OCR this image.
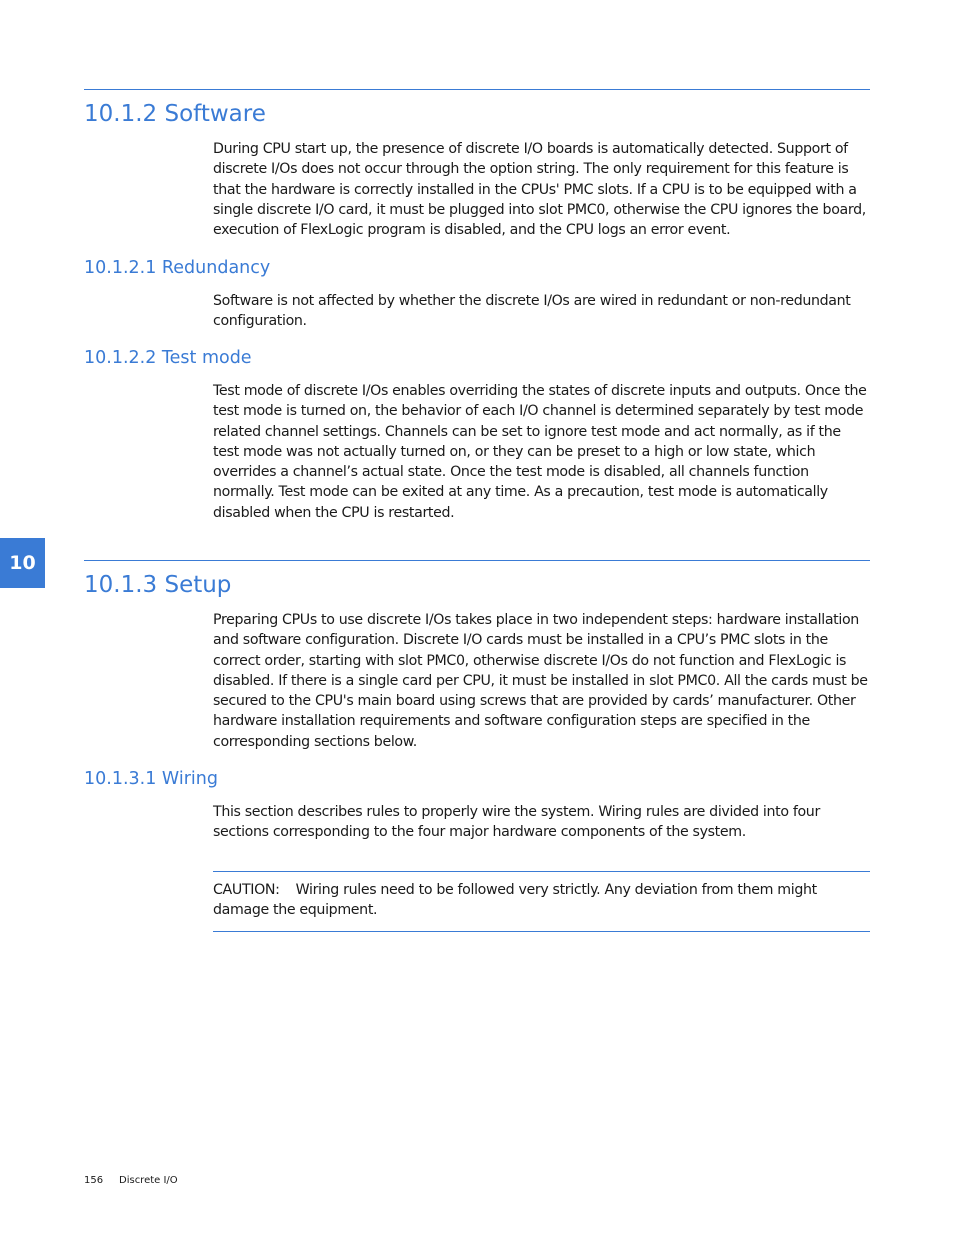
10.1.2 Software

During CPU start up, the presence of discrete I/O boards is automatically detected. Support of discrete I/Os does not occur through the option string. The only requirement for this feature is that the hardware is correctly installed in the CPUs' PMC slots. If a CPU is to be equipped with a single discrete I/O card, it must be plugged into slot PMC0, otherwise the CPU ignores the board, execution of FlexLogic program is disabled, and the CPU logs an error event.

10.1.2.1 Redundancy

Software is not affected by whether the discrete I/Os are wired in redundant or non-redundant configuration.

10.1.2.2 Test mode

Test mode of discrete I/Os enables overriding the states of discrete inputs and outputs. Once the test mode is turned on, the behavior of each I/O channel is determined separately by test mode related channel settings. Channels can be set to ignore test mode and act normally, as if the test mode was not actually turned on, or they can be preset to a high or low state, which overrides a channel’s actual state. Once the test mode is disabled, all channels function normally. Test mode can be exited at any time. As a precaution, test mode is automatically disabled when the CPU is restarted.

10
10.1.3 Setup

Preparing CPUs to use discrete I/Os takes place in two independent steps: hardware installation and software configuration. Discrete I/O cards must be installed in a CPU’s PMC slots in the correct order, starting with slot PMC0, otherwise discrete I/Os do not function and FlexLogic is disabled. If there is a single card per CPU, it must be installed in slot PMC0. All the cards must be secured to the CPU's main board using screws that are provided by cards’ manufacturer. Other hardware installation requirements and software configuration steps are specified in the corresponding sections below.

10.1.3.1 Wiring

This section describes rules to properly wire the system. Wiring rules are divided into four sections corresponding to the four major hardware components of the system.

CAUTION: Wiring rules need to be followed very strictly. Any deviation from them might damage the equipment.

156 Discrete I/O
